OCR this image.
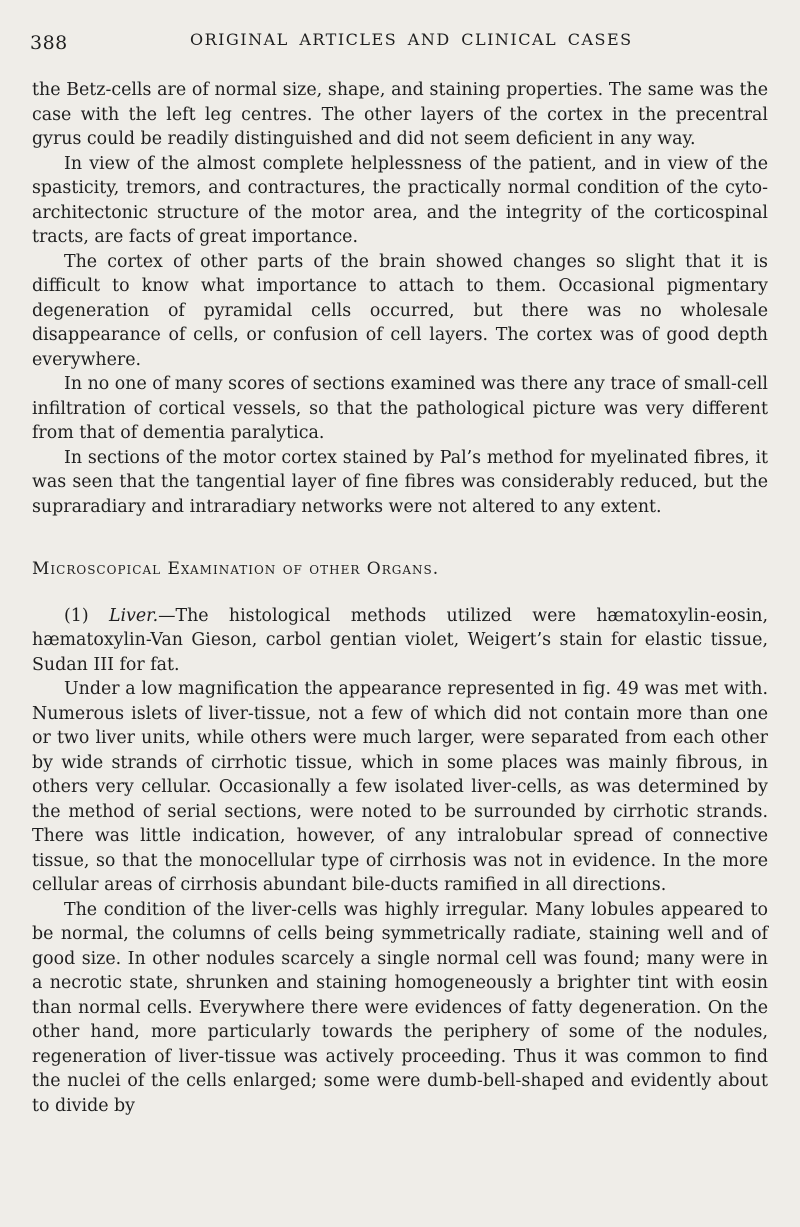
388	ORIGINAL ARTICLES AND CLINICAL CASES

the Betz-cells are of normal size, shape, and staining properties. The same was the case with the left leg centres. The other layers of the cortex in the precentral gyrus could be readily distinguished and did not seem deficient in any way.

In view of the almost complete helplessness of the patient, and in view of the spasticity, tremors, and contractures, the practically normal condition of the cyto-architectonic structure of the motor area, and the integrity of the corticospinal tracts, are facts of great importance.

The cortex of other parts of the brain showed changes so slight that it is difficult to know what importance to attach to them. Occasional pigmentary degeneration of pyramidal cells occurred, but there was no wholesale disappearance of cells, or confusion of cell layers. The cortex was of good depth everywhere.

In no one of many scores of sections examined was there any trace of small-cell infiltration of cortical vessels, so that the pathological picture was very different from that of dementia paralytica.

In sections of the motor cortex stained by Pal’s method for myelinated fibres, it was seen that the tangential layer of fine fibres was considerably reduced, but the supraradiary and intraradiary networks were not altered to any extent.

Microscopical Examination of other Organs.

(1) Liver.—The histological methods utilized were hæmatoxylin-eosin, hæmatoxylin-Van Gieson, carbol gentian violet, Weigert’s stain for elastic tissue, Sudan III for fat.

Under a low magnification the appearance represented in fig. 49 was met with. Numerous islets of liver-tissue, not a few of which did not contain more than one or two liver units, while others were much larger, were separated from each other by wide strands of cirrhotic tissue, which in some places was mainly fibrous, in others very cellular. Occasionally a few isolated liver-cells, as was determined by the method of serial sections, were noted to be surrounded by cirrhotic strands. There was little indication, however, of any intralobular spread of connective tissue, so that the monocellular type of cirrhosis was not in evidence. In the more cellular areas of cirrhosis abundant bile-ducts ramified in all directions.

The condition of the liver-cells was highly irregular. Many lobules appeared to be normal, the columns of cells being symmetrically radiate, staining well and of good size. In other nodules scarcely a single normal cell was found; many were in a necrotic state, shrunken and staining homogeneously a brighter tint with eosin than normal cells. Everywhere there were evidences of fatty degeneration. On the other hand, more particularly towards the periphery of some of the nodules, regeneration of liver-tissue was actively proceeding. Thus it was common to find the nuclei of the cells enlarged; some were dumb-bell-shaped and evidently about to divide by
